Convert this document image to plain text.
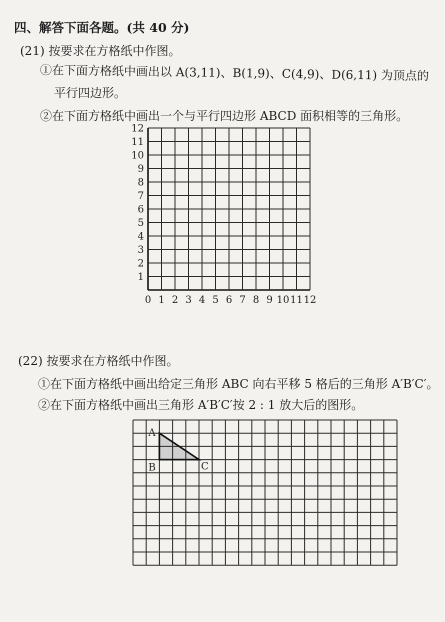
四、解答下面各题。(共 40 分)
(21) 按要求在方格纸中作图。
①在下面方格纸中画出以 A(3,11)、B(1,9)、C(4,9)、D(6,11) 为顶点的
平行四边形。
②在下面方格纸中画出一个与平行四边形 ABCD 面积相等的三角形。
0 1 2 3 4 5 6 7 8 9 10 11 12
1
2
3
4
5
6
7
8
9
10
11
12
A
B	C
(22) 按要求在方格纸中作图。
①在下面方格纸中画出给定三角形 ABC 向右平移 5 格后的三角形 A′B′C′。
②在下面方格纸中画出三角形 A′B′C′按 2 : 1 放大后的图形。
